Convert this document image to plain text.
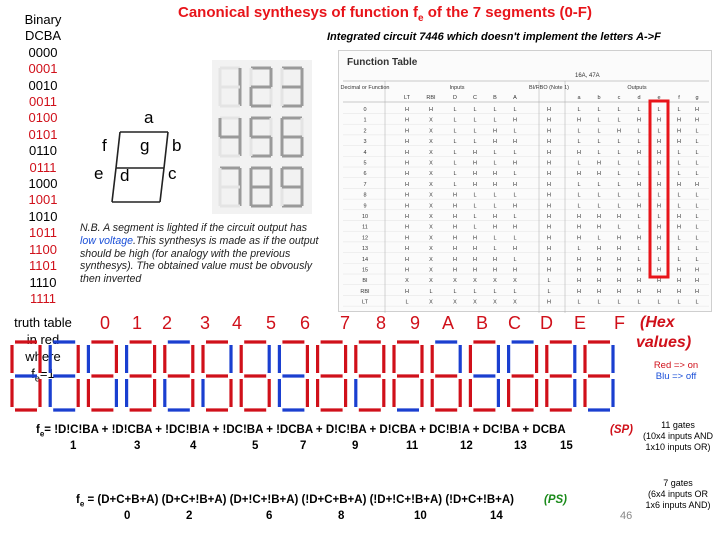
Canonical synthesys of function $f_e$ of the 7 segments (0-F)
Integrated circuit 7446 which doesn't implement the letters A->F
Binary
DCBA
0000
0001
0010
0011
0100
0101
0110
0111
1000
1001
1010
1011
1100
1101
1110
1111
truth table
in red
where
$f_e=1$
a
b
c
d
e
f g
Function Table
16A, 47A
Decimal or Function	Inputs	BI/RBO (Note 1)	Outputs
LT	RBI	D	C	B	A	a	b	c	d	e	f	g
0	H	H	L	L	L	L	H	L	L	L	L	L	L	H
1	H	X	L	L	L	H	H	H	L	L	H	H	H	H
2	H	X	L	L	H	L	H	L	L	H	L	L	H	L
3	H	X	L	L	H	H	H	L	L	L	L	H	H	L
4	H	X	L	H	L	L	H	H	L	L	H	H	L	L
5	H	X	L	H	L	H	H	L	H	L	L	H	L	L
6	H	X	L	H	H	L	H	H	H	L	L	L	L	L
7	H	X	L	H	H	H	H	L	L	L	H	H	H	H
8	H	X	H	L	L	L	H	L	L	L	L	L	L	L
9	H	X	H	L	L	H	H	L	L	L	H	H	L	L
10	H	X	H	L	H	L	H	H	H	H	L	L	H	L
11	H	X	H	L	H	H	H	H	H	L	L	H	H	L
12	H	X	H	H	L	L	H	H	L	H	H	H	L	L
13	H	X	H	H	L	H	H	L	H	H	L	H	L	L
14	H	X	H	H	H	L	H	H	H	H	L	L	L	L
15	H	X	H	H	H	H	H	H	H	H	H	H	H	H
BI	X	X	X	X	X	X	L	H	H	H	H	H	H	H
RBI	H	L	L	L	L	L	L	H	H	H	H	H	H	H
LT	L	X	X	X	X	X	H	L	L	L	L	L	L	L
N.B. A segment is lighted if the circuit output has low voltage.This synthesys is made as if the output should be high (for analogy with the previous synthesys). The obtained value must be obvously then inverted
0 1 2 3 4 5 6 7 8 9 A B C D E F (Hex
values)
Red => on
Blu => off
$f_e= !D!C!BA + !D!CBA + !DC!B!A + !DC!BA$ + !DCBA + D!C!BA + D!CBA + DC!B!A + DC!BA + DCBA	(SP)
1	3	4	5	7	9	11	12	13	15
11 gates
(10x4 inputs AND
1x10 inputs OR)
$f_e = (D+C+B+A)$ (D+C+!B+A) (D+!C+!B+A) (!D+C+B+A) (!D+!C+!B+A) (!D+C+!B+A)	(PS)
0	2	6	8	10	14
7 gates
(6x4 inputs OR
1x6 inputs AND)
46
